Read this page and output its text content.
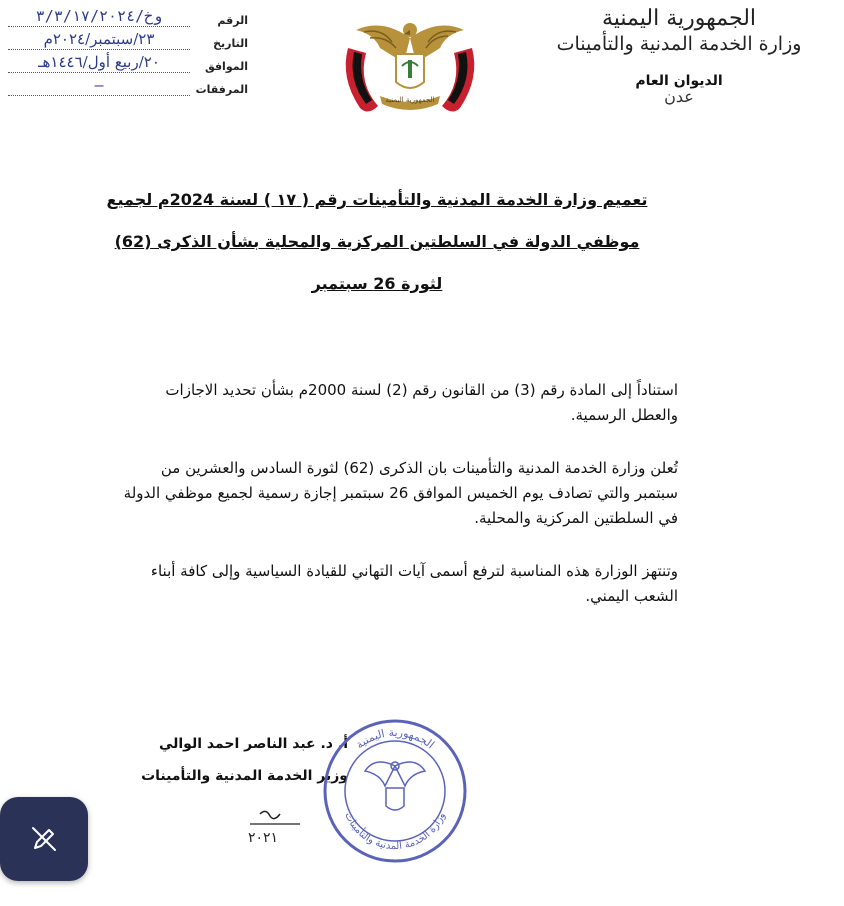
الجمهورية اليمنية
وزارة الخدمة المدنية والتأمينات
الديوان العام
عدن
الجمهورية اليمنية
الرقم
وخ/٣/٣/١٧/٢٠٢٤
التاريخ
٢٣/سبتمبر/٢٠٢٤م
الموافق
٢٠/ربيع أول/١٤٤٦هـ
المرفقات
—
تعميم وزارة الخدمة المدنية والتأمينات رقم ( ١٧ ) لسنة 2024م لجميع
موظفي الدولة في السلطتين المركزية والمحلية بشأن الذكرى (62)
لثورة 26 سبتمبر

استناداً إلى المادة رقم (3) من القانون رقم (2) لسنة 2000م بشأن تحديد الاجازات والعطل الرسمية.

تُعلن وزارة الخدمة المدنية والتأمينات بان الذكرى (62) لثورة السادس والعشرين من سبتمبر والتي تصادف يوم الخميس الموافق 26 سبتمبر إجازة رسمية لجميع موظفي الدولة في السلطتين المركزية والمحلية.

وتنتهز الوزارة هذه المناسبة لترفع أسمى آيات التهاني للقيادة السياسية وإلى كافة أبناء الشعب اليمني.

أ. د. عبد الناصر احمد الوالي
وزير الخدمة المدنية والتأمينات
٢٠٢١
الجمهورية اليمنية
وزارة الخدمة المدنية والتأمينات
